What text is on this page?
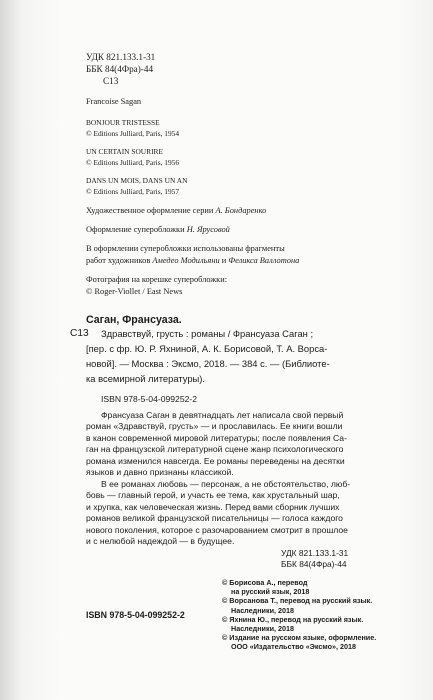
УДК 821.133.1-31
ББК 84(4Фра)-44
С13
Francoise Sagan
BONJOUR TRISTESSE
© Editions Julliard, Paris, 1954
UN CERTAIN SOURIRE
© Editions Julliard, Paris, 1956
DANS UN MOIS, DANS UN AN
© Editions Julliard, Paris, 1957
Художественное оформление серии А. Бондаренко
Оформление суперобложки Н. Ярусовой
В оформлении суперобложки использованы фрагменты
работ художников Амедео Модильяни и Феликса Валлотона
Фотография на корешке суперобложки:
© Roger-Viollet / East News
Саган, Франсуаза.
С13 Здравствуй, грусть : романы / Франсуаза Саган ;
[пер. с фр. Ю. Р. Яхниной, А. К. Борисовой, Т. А. Ворса-
новой]. — Москва : Эксмо, 2018. — 384 с. — (Библиоте-
ка всемирной литературы).
ISBN 978-5-04-099252-2
Франсуаза Саган в девятнадцать лет написала свой первый
роман «Здравствуй, грусть» — и прославилась. Ее книги вошли
в канон современной мировой литературы; после появления Са-
ган на французской литературной сцене жанр психологического
романа изменился навсегда. Ее романы переведены на десятки
языков и давно признаны классикой.
В ее романах любовь — персонаж, а не обстоятельство, люб-
бовь — главный герой, и участь ее тема, как хрустальный шар,
и хрупка, как человеческая жизнь. Перед вами сборник лучших
романов великой французской писательницы — голоса каждого
нового поколения, которое с разочарованием смотрит в прошлое
и с нелюбой надеждой — в будущее.
УДК 821.133.1-31
ББК 84(4Фра)-44
ISBN 978-5-04-099252-2
© Борисова А., перевод
на русский язык, 2018
© Ворсанова Т., перевод на русский язык.
Наследники, 2018
© Яхнина Ю., перевод на русский язык.
Наследники, 2018
© Издание на русском языке, оформление.
ООО «Издательство «Эксмо», 2018
